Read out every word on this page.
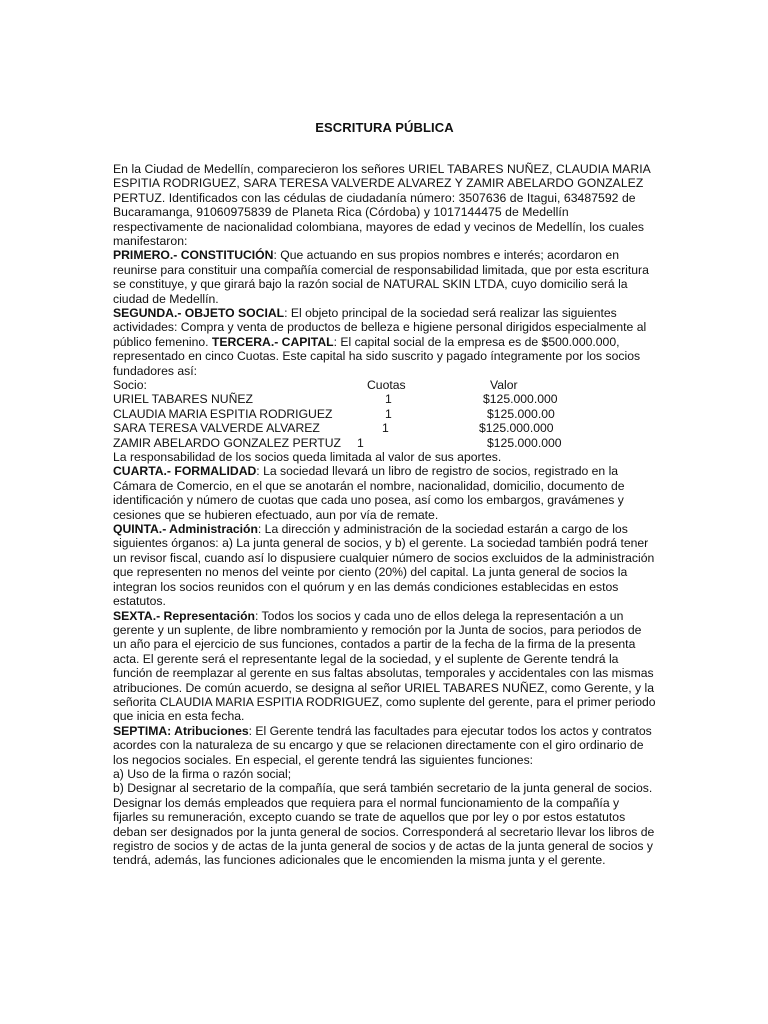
ESCRITURA PÚBLICA

En la Ciudad de Medellín, comparecieron los señores URIEL TABARES NUÑEZ, CLAUDIA MARIA ESPITIA RODRIGUEZ, SARA TERESA VALVERDE ALVAREZ Y ZAMIR ABELARDO GONZALEZ PERTUZ. Identificados con las cédulas de ciudadanía número: 3507636 de Itagui, 63487592 de Bucaramanga, 91060975839 de Planeta Rica (Córdoba) y 1017144475 de Medellín respectivamente de nacionalidad colombiana, mayores de edad y vecinos de Medellín, los cuales manifestaron:

PRIMERO.- CONSTITUCIÓN: Que actuando en sus propios nombres e interés; acordaron en reunirse para constituir una compañía comercial de responsabilidad limitada, que por esta escritura se constituye, y que girará bajo la razón social de NATURAL SKIN LTDA, cuyo domicilio será la ciudad de Medellín.

SEGUNDA.- OBJETO SOCIAL: El objeto principal de la sociedad será realizar las siguientes actividades: Compra y venta de productos de belleza e higiene personal dirigidos especialmente al público femenino. TERCERA.- CAPITAL: El capital social de la empresa es de $500.000.000, representado en cinco Cuotas. Este capital ha sido suscrito y pagado íntegramente por los socios fundadores así:

Socio:	Cuotas	Valor
URIEL TABARES NUÑEZ	1	$125.000.000
CLAUDIA MARIA ESPITIA RODRIGUEZ	1	$125.000.00
SARA TERESA VALVERDE ALVAREZ	1	$125.000.000
ZAMIR ABELARDO GONZALEZ PERTUZ	1	$125.000.000

La responsabilidad de los socios queda limitada al valor de sus aportes.

CUARTA.- FORMALIDAD: La sociedad llevará un libro de registro de socios, registrado en la Cámara de Comercio, en el que se anotarán el nombre, nacionalidad, domicilio, documento de identificación y número de cuotas que cada uno posea, así como los embargos, gravámenes y cesiones que se hubieren efectuado, aun por vía de remate.

QUINTA.- Administración: La dirección y administración de la sociedad estarán a cargo de los siguientes órganos: a) La junta general de socios, y b) el gerente. La sociedad también podrá tener un revisor fiscal, cuando así lo dispusiere cualquier número de socios excluidos de la administración que representen no menos del veinte por ciento (20%) del capital. La junta general de socios la integran los socios reunidos con el quórum y en las demás condiciones establecidas en estos estatutos.

SEXTA.- Representación: Todos los socios y cada uno de ellos delega la representación a un gerente y un suplente, de libre nombramiento y remoción por la Junta de socios, para periodos de un año para el ejercicio de sus funciones, contados a partir de la fecha de la firma de la presenta acta. El gerente será el representante legal de la sociedad, y el suplente de Gerente tendrá la función de reemplazar al gerente en sus faltas absolutas, temporales y accidentales con las mismas atribuciones. De común acuerdo, se designa al señor URIEL TABARES NUÑEZ, como Gerente, y la señorita CLAUDIA MARIA ESPITIA RODRIGUEZ, como suplente del gerente, para el primer periodo que inicia en esta fecha.

SEPTIMA: Atribuciones: El Gerente tendrá las facultades para ejecutar todos los actos y contratos acordes con la naturaleza de su encargo y que se relacionen directamente con el giro ordinario de los negocios sociales. En especial, el gerente tendrá las siguientes funciones:

a) Uso de la firma o razón social;

b) Designar al secretario de la compañía, que será también secretario de la junta general de socios. Designar los demás empleados que requiera para el normal funcionamiento de la compañía y fijarles su remuneración, excepto cuando se trate de aquellos que por ley o por estos estatutos deban ser designados por la junta general de socios. Corresponderá al secretario llevar los libros de registro de socios y de actas de la junta general de socios y de actas de la junta general de socios y tendrá, además, las funciones adicionales que le encomienden la misma junta y el gerente.
